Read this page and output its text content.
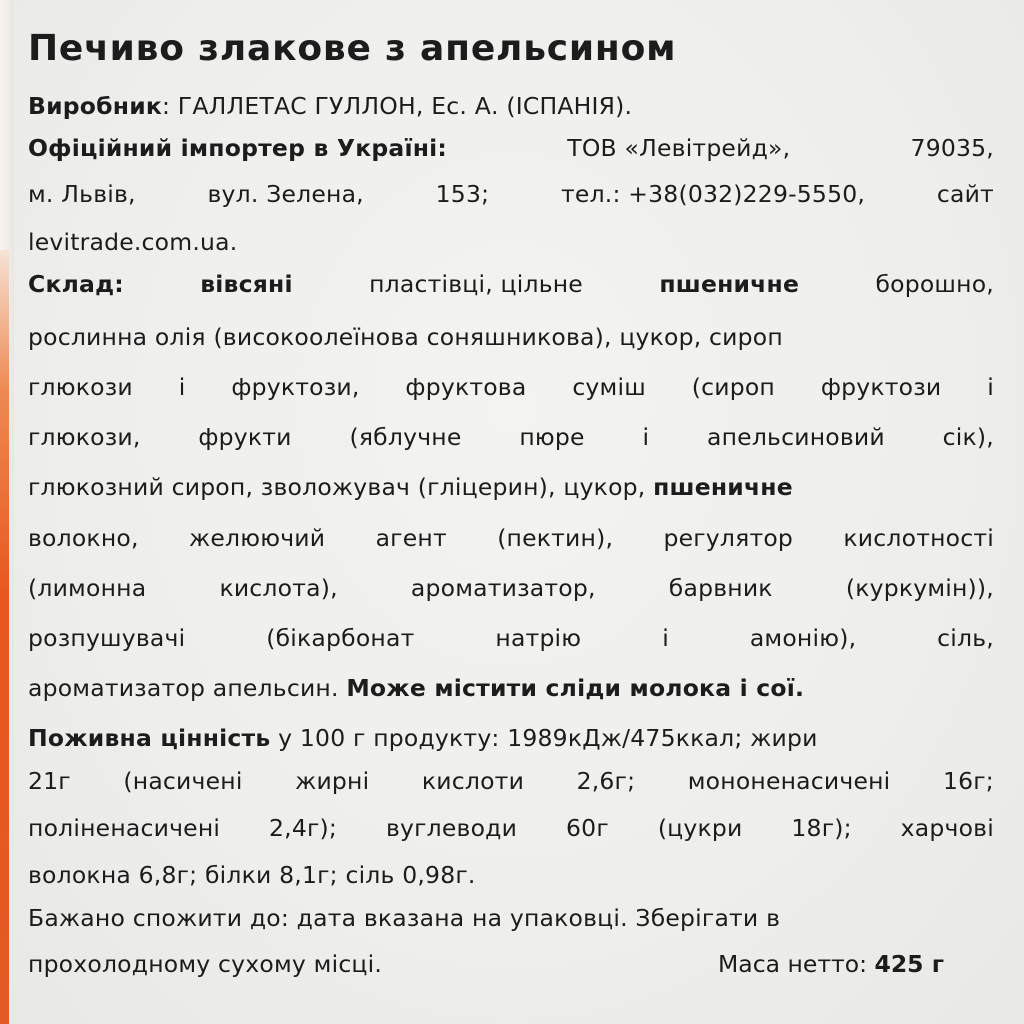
Печиво злакове з апельсином
Виробник: ГАЛЛЕТАС ГУЛЛОН, Ес. А. (ІСПАНІЯ).
Офіційний імпортер в Україні:	ТОВ «Левітрейд»,	79035,
м. Львів,	вул. Зелена,	153;	тел.: +38(032)229-5550,	сайт
levitrade.com.ua.
Склад:	вівсяні	пластівці, цільне	пшеничне	борошно,
рослинна олія (високоолеїнова соняшникова), цукор, сироп
глюкози і фруктози, фруктова суміш (сироп фруктози і
глюкози, фрукти (яблучне пюре і апельсиновий сік),
глюкозний сироп, зволожувач (гліцерин), цукор, пшеничне
волокно, желюючий агент (пектин), регулятор кислотності
(лимонна	кислота),	ароматизатор,	барвник	(куркумін)),
розпушувачі	(бікарбонат	натрію	і	амонію),	сіль,
ароматизатор апельсин. Може містити сліди молока і сої.
Поживна цінність у 100 г продукту: 1989кДж/475ккал; жири
21г (насичені жирні кислоти 2,6г; мононенасичені 16г;
поліненасичені 2,4г); вуглеводи 60г (цукри 18г); харчові
волокна 6,8г; білки 8,1г; сіль 0,98г.
Бажано спожити до: дата вказана на упаковці. Зберігати в
прохолодному сухому місці.	Маса нетто: 425 г
